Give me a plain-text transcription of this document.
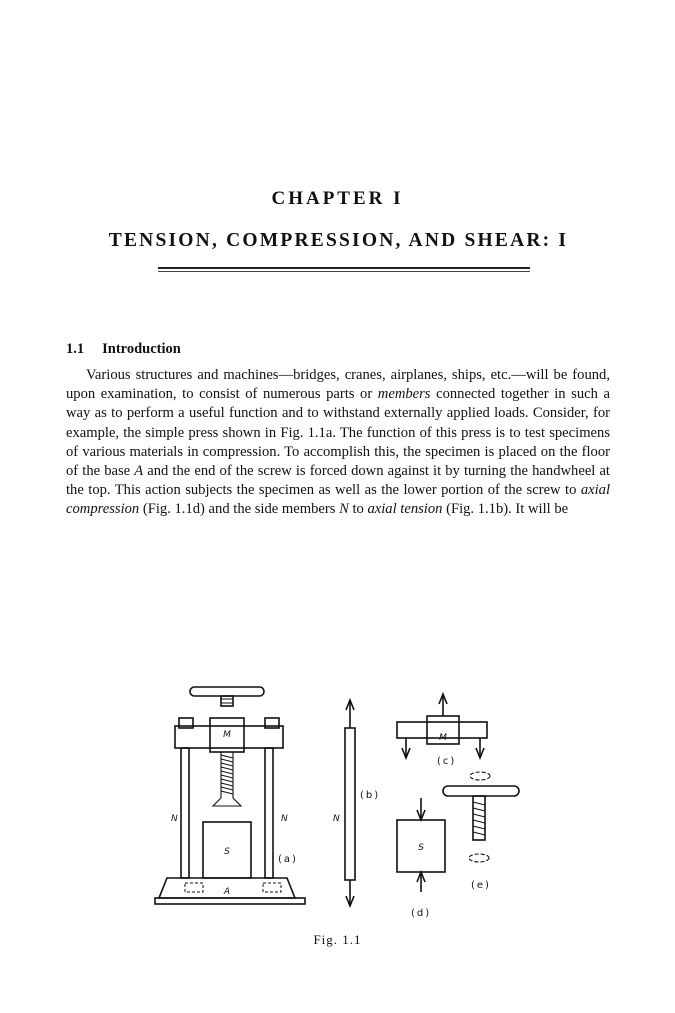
CHAPTER I
TENSION, COMPRESSION, AND SHEAR: I
1.1 Introduction

Various structures and machines—bridges, cranes, airplanes, ships, etc.—will be found, upon examination, to consist of numerous parts or members connected together in such a way as to perform a useful function and to withstand externally applied loads. Consider, for example, the simple press shown in Fig. 1.1a. The function of this press is to test specimens of various materials in compression. To accomplish this, the specimen is placed on the floor of the base A and the end of the screw is forced down against it by turning the handwheel at the top. This action subjects the specimen as well as the lower portion of the screw to axial compression (Fig. 1.1d) and the side members N to axial tension (Fig. 1.1b). It will be

M
N	N
S
A
(a)
N
(b)
M
(c)
S
(d)
(e)
Fig. 1.1
